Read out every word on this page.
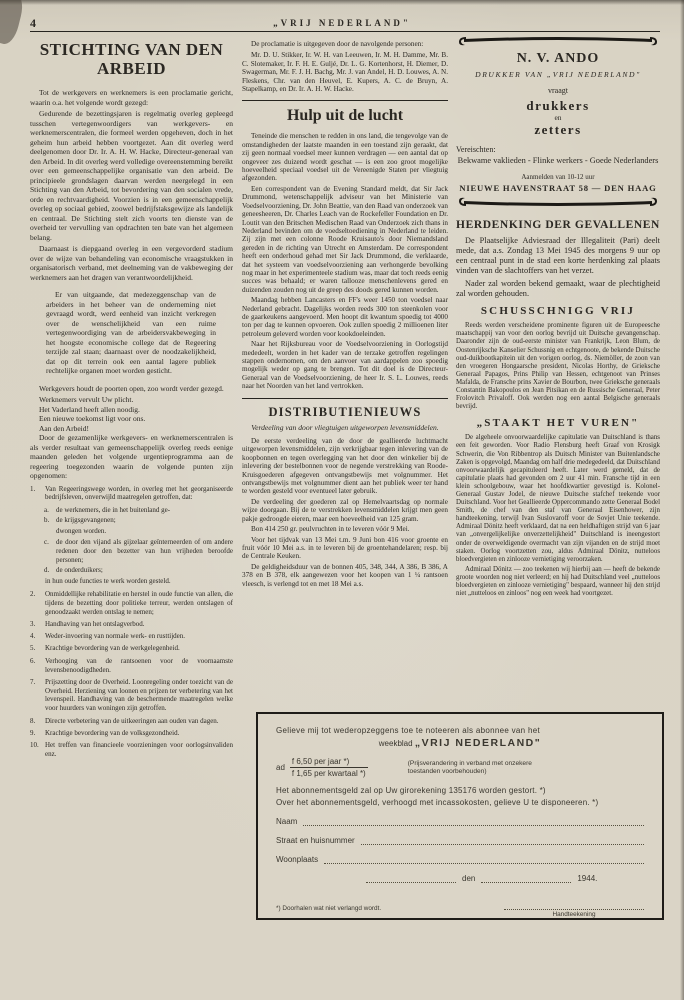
4	„VRIJ NEDERLAND"
STICHTING VAN DEN
ARBEID

Tot de werkgevers en werknemers is een proclamatie gericht, waarin o.a. het volgende wordt gezegd:

Gedurende de bezettingsjaren is regelmatig overleg gepleegd tusschen vertegenwoordigers van werkgevers- en werknemerscentralen, die formeel werden opgeheven, doch in het geheim hun arbeid hebben voortgezet. Aan dit overleg werd deelgenomen door Dr. Ir. A. H. W. Hacke, Directeur-generaal van den Arbeid. In dit overleg werd volledige overeenstemming bereikt over een gemeenschappelijke organisatie van den arbeid. De principieele grondslagen daarvan werden neergelegd in een Stichting van den Arbeid, tot bevordering van den socialen vrede, orde en rechtvaardigheid. Voorzien is in een gemeenschappelijk overleg op sociaal gebied, zoowel bedrijfstaksgewijze als landelijk en centraal. De Stichting stelt zich voorts ten dienste van de overheid ter vervulling van opdrachten ten bate van het algemeen belang.

Daarnaast is diepgaand overleg in een vergevorderd stadium over de wijze van behandeling van economische vraagstukken in organisatorisch verband, met deelneming van de vakbeweging der werknemers aan het dragen van verantwoordelijkheid.

Er van uitgaande, dat medezeggenschap van de arbeiders in het beheer van de onderneming niet gevraagd wordt, werd eenheid van inzicht verkregen over de wenschelijkheid van een ruime vertegenwoordiging van de arbeidersvakbeweging in het hoogste economische college dat de Regeering terzijde zal staan; daarnaast over de noodzakelijkheid, dat op dit terrein ook een aantal lagere publiek rechtelijke organen moet worden gesticht.

Werkgevers houdt de poorten open, zoo wordt verder gezegd.

Werknemers vervult Uw plicht.

Het Vaderland heeft allen noodig.

Een nieuwe toekomst ligt voor ons.

Aan den Arbeid!

Door de gezamenlijke werkgevers- en werknemerscentralen is als verder resultaat van gemeenschappelijk overleg reeds eenige maanden geleden het volgende urgentieprogramma aan de regeering toegezonden waarin de volgende punten zijn opgenomen:

1.	Van Regeeringswege worden, in overleg met het georganiseerde bedrijfsleven, onverwijld maatregelen getroffen, dat:
a.	de werknemers, die in het buitenland ge-
b. de krijgsgevangenen;
dwongen worden.
c.	de door den vijand als gijzelaar geïnterneerden of om andere redenen door den bezetter van hun vrijheden beroofde personen;
d. de onderduikers;
in hun oude functies te werk worden gesteld.
2.	Onmiddellijke rehabilitatie en herstel in oude functie van allen, die tijdens de bezetting door politieke terreur, werden ontslagen of genoodzaakt werden ontslag te nemen;
3.	Handhaving van het ontslagverbod.
4.	Weder-invoering van normale werk- en rusttijden.
5.	Krachtige bevordering van de werkgelegenheid.
6.	Verhooging van de rantsoenen voor de voornaamste levensbenoodigdheden.
7.	Prijszetting door de Overheid. Loonregeling onder toezicht van de Overheid. Herziening van loonen en prijzen ter verbetering van het levenspeil. Handhaving van de beschermende maatregelen welke voor huurders van woningen zijn getroffen.
8.	Directe verbetering van de uitkeeringen aan ouden van dagen.
9.	Krachtige bevordering van de volksgezondheid.
10. Het treffen van financieele voorzieningen voor oorlogsinvaliden enz.

De proclamatie is uitgegeven door de navolgende personen:

Mr. D. U. Stikker, Ir. W. H. van Leeuwen, Ir. M. H. Damme, Mr. B. C. Slotemaker, Ir. F. H. E. Guljé, Dr. L. G. Kortenhorst, H. Diemer, D. Swagerman, Mr. F. J. H. Bachg, Mr. J. van Andel, H. D. Louwes, A. N. Fleskens, Chr. van den Heuvel, E. Kupers, A. C. de Bruyn, A. Stapelkamp, en Dr. Ir. A. H. W. Hacke.

Hulp uit de lucht

Teneinde die menschen te redden in ons land, die tengevolge van de omstandigheden der laatste maanden in een toestand zijn geraakt, dat zij geen normaal voedsel meer kunnen verdragen — een aantal dat op ongeveer zes duizend wordt geschat — is een zoo groot mogelijke hoeveelheid speciaal voedsel uit de Vereenigde Staten per vliegtuig afgezonden.

Een correspondent van de Evening Standard meldt, dat Sir Jack Drummond, wetenschappelijk adviseur van het Ministerie van Voedselvoorziening, Dr. John Beattie, van den Raad van onderzoek van geneesheeren, Dr. Charles Leach van de Rockefeller Foundation en Dr. Loutit van den Britschen Medischen Raad van Onderzoek zich thans in Nederland bevinden om de voedseltoediening in Nederland te leiden. Zij zijn met een colonne Roode Kruisauto's door Niemandsland gereden in de richting van Utrecht en Amsterdam. De correspondent heeft een onderhoud gehad met Sir Jack Drummond, die verklaarde, dat het systeem van voedselvoorziening aan verhongerde bevolking nog maar in het experimenteele stadium was, maar dat toch reeds eenig succes was behaald; er waren tallooze menschenlevens gered en duizenden zouden nog uit de greep des doods gered kunnen worden.

Maandag hebben Lancasters en FF's weer 1450 ton voedsel naar Nederland gebracht. Dagelijks worden reeds 300 ton steenkolen voor de gaarkeukens aangevoerd. Men hoopt dit kwantum spoedig tot 4000 ton per dag te kunnen opvoeren. Ook zullen spoedig 2 millioenen liter petroleum geleverd worden voor kookdoeleinden.

Naar het Rijksbureau voor de Voedselvoorziening in Oorlogstijd mededeelt, worden in het kader van de terzake getroffen regelingen stappen ondernomen, om den aanvoer van aardappelen zoo spoedig mogelijk weder op gang te brengen. Tot dit doel is de Directeur-Generaal van de Voedselvoorziening, de heer Ir. S. L. Louwes, reeds naar het Noorden van het land vertrokken.

DISTRIBUTIENIEUWS

Verdeeling van door vliegtuigen uitgeworpen levensmiddelen.

De eerste verdeeling van de door de geallieerde luchtmacht uitgeworpen levensmiddelen, zijn verkrijgbaar tegen inlevering van de koopbonnen en tegen overlegging van het door den winkelier bij de inlevering der bestelbonnen voor de negende verstrekking van Roode-Kruisgoederen afgegeven ontvangstbewijs met volgnummer. Het ontvangstbewijs met volgnummer dient aan het publiek weer ter hand te worden gesteld voor eventueel later gebruik.

De verdeeling der goederen zal op Hemelvaartsdag op normale wijze doorgaan. Bij de te verstrekken levensmiddelen krijgt men geen pakje gedroogde eieren, maar een hoeveelheid van 125 gram.

Bon 414 250 gr. peulvruchten in te leveren vóór 9 Mei.

Voor het tijdvak van 13 Mei t.m. 9 Juni bon 416 voor groente en fruit vóór 10 Mei a.s. in te leveren bij de groentehandelaren; resp. bij de Centrale Keuken.

De geldigheidsduur van de bonnen 405, 348, 344, A 386, B 386, A 378 en B 378, elk aangewezen voor het koopen van 1 ¼ rantsoen vleesch, is verlengd tot en met 18 Mei a.s.

N. V. ANDO
DRUKKER VAN „VRIJ NEDERLAND"
vraagt
drukkers
en
zetters
Vereischten:
Bekwame vaklieden - Flinke werkers - Goede Nederlanders
Aanmelden van 10-12 uur
NIEUWE HAVENSTRAAT 58 — DEN HAAG
HERDENKING DER GEVALLENEN

De Plaatselijke Adviesraad der Illegaliteit (Pari) deelt mede, dat a.s. Zondag 13 Mei 1945 des morgens 9 uur op een centraal punt in de stad een korte herdenking zal plaats vinden van de slachtoffers van het verzet.

Nader zal worden bekend gemaakt, waar de plechtigheid zal worden gehouden.

SCHUSSCHNIGG VRIJ

Reeds werden verscheidene prominente figuren uit de Europeesche maatschappij van voor den oorlog bevrijd uit Duitsche gevangenschap. Daaronder zijn de oud-eerste minister van Frankrijk, Leon Blum, de Oostenrijksche Kanselier Schussnig en echtgenoote, de bekende Duitsche oud-duikbootkapitein uit den vorigen oorlog, ds. Niemöller, de zoon van den vroegeren Hongaarsche president, Nicolas Horthy, de Grieksche Generaal Papagos, Prins Philip van Hessen, echtgenoot van Prinses Mafalda, de Fransche prins Xavier de Bourbon, twee Grieksche generaals Constantin Bakopoulos en Jean Pitsikan en de Russische Generaal, Peter Frolovitch Privaloff. Ook werden nog een aantal Belgische generaals bevrijd.

„STAAKT HET VUREN"

De algeheele onvoorwaardelijke capitulatie van Duitschland is thans een feit geworden. Voor Radio Flensburg heeft Graaf von Krosigk Schwerin, die Von Ribbentrop als Duitsch Minister van Buitenlandsche Zaken is opgevolgd, Maandag om half drie medegedeeld, dat Duitschland onvoorwaardelijk gecapituleerd heeft. Later werd gemeld, dat de capitulatie plaats had gevonden om 2 uur 41 min. Fransche tijd in een klein schoolgebouw, waar het hoofdkwartier gevestigd is. Kolonel-Generaal Gustav Jodel, de nieuwe Duitsche stafchef teekende voor Duitschland. Voor het Geallieerde Oppercommando zette Generaal Bodel Smith, de chef van den staf van Generaal Eisenhower, zijn handteekening, terwijl Ivan Suslovaroff voor de Sovjet Unie teekende. Admiraal Dönitz heeft verklaard, dat na een heldhaftigen strijd van 6 jaar van „onvergelijkelijke onverzettelijkheid" Duitschland is ineengestort onder de overweldigende overmacht van zijn vijanden en de strijd moet staken. Oorlog voortzetten zou, aldus Admiraal Dönitz, nutteloos bloedvergieten en zinlooze vernietiging veroorzaken.

Admiraal Dönitz — zoo teekenen wij hierbij aan — heeft de bekende groote woorden nog niet verleerd; en hij had Duitschland veel „nutteloos bloedvergieten en zinlooze vernietiging" bespaard, wanneer hij den strijd niet „nutteloos en zinloos" nog een week had voortgezet.

Gelieve mij tot wederopzeggens toe te noteeren als abonnee van het
weekblad „VRIJ NEDERLAND"
ad $\frac{\text{f 6,50 per jaar *)}}{\text{f 1,65 per kwartaal *)}}$	(Prijsverandering in verband met onzekere toestanden voorbehouden)
Het abonnementsgeld zal op Uw girorekening 135176 worden gestort. *)
Over het abonnementsgeld, verhoogd met incassokosten, gelieve U te disponeeren. *)
Naam
Straat en huisnummer
Woonplaats
den	1944.
*) Doorhalen wat niet verlangd wordt.
Handteekening
